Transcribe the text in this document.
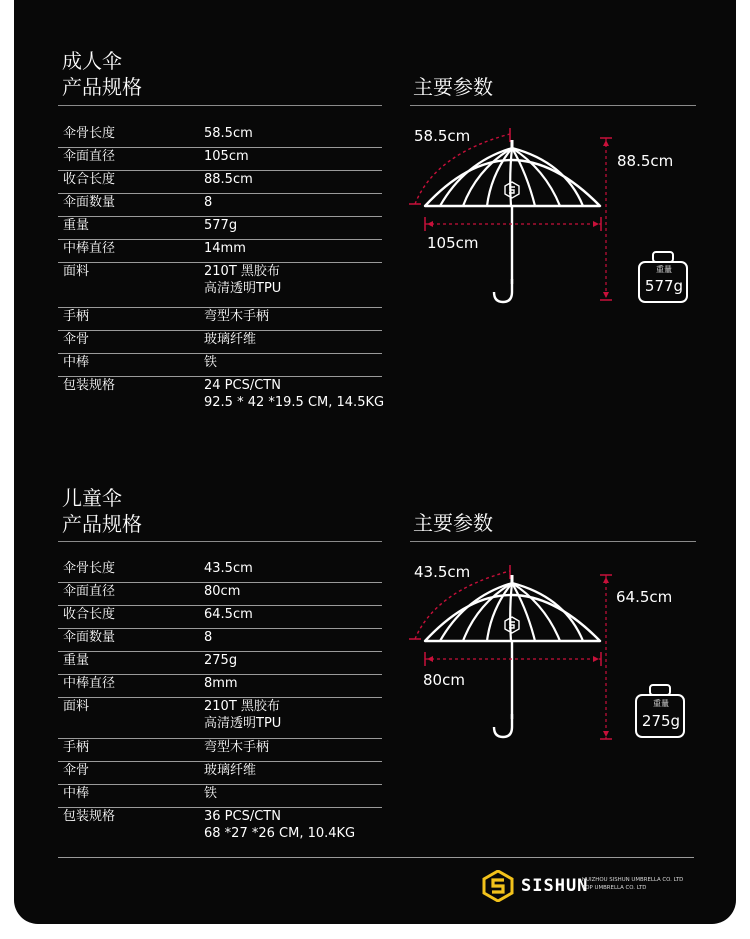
成人伞
产品规格	主要参数
伞骨长度	58.5cm
伞面直径	105cm
收合长度	88.5cm
伞面数量	8
重量	577g
中棒直径	14mm
面料	210T 黑胶布
高清透明TPU
手柄	弯型木手柄
伞骨	玻璃纤维
中棒	铁
包装规格	24 PCS/CTN
92.5 * 42 *19.5 CM, 14.5KG
58.5cm
105cm
88.5cm
重量
577g
儿童伞
产品规格	主要参数
伞骨长度	43.5cm
伞面直径	80cm
收合长度	64.5cm
伞面数量	8
重量	275g
中棒直径	8mm
面料	210T 黑胶布
高清透明TPU
手柄	弯型木手柄
伞骨	玻璃纤维
中棒	铁
包装规格	36 PCS/CTN
68 *27 *26 CM, 10.4KG
43.5cm
80cm
64.5cm
重量
275g
SISHUN
HUIZHOU SISHUN UMBRELLA CO. LTD
TOP UMBRELLA CO. LTD
